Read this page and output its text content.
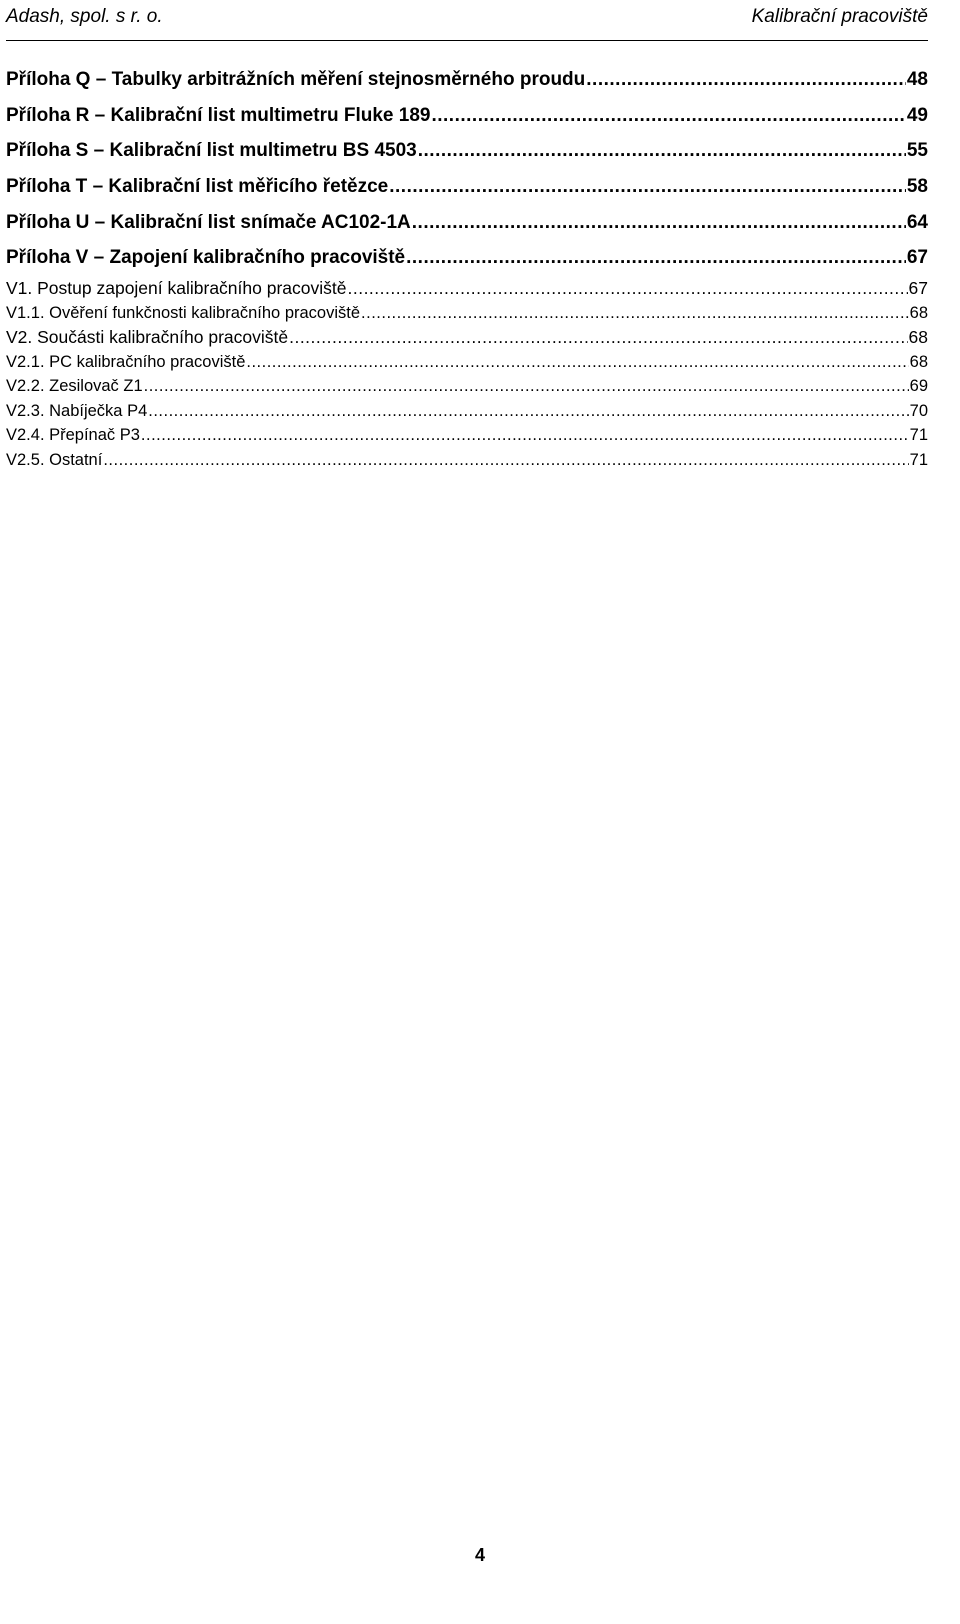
Adash, spol. s r. o.	Kalibrační pracoviště
Příloha Q – Tabulky arbitrážních měření stejnosměrného proudu .....	48
Příloha R – Kalibrační list multimetru Fluke 189 .....	49
Příloha S – Kalibrační list multimetru BS 4503 .....	55
Příloha T – Kalibrační list měřicího řetězce .....	58
Příloha U – Kalibrační list snímače AC102-1A .....	64
Příloha V – Zapojení kalibračního pracoviště .....	67
V1. Postup zapojení kalibračního pracoviště .....	67
V1.1. Ověření funkčnosti kalibračního pracoviště .....	68
V2. Součásti kalibračního pracoviště .....	68
V2.1. PC kalibračního pracoviště .....	68
V2.2. Zesilovač Z1 .....	69
V2.3. Nabíječka P4 .....	70
V2.4. Přepínač P3 .....	71
V2.5. Ostatní .....	71
4
